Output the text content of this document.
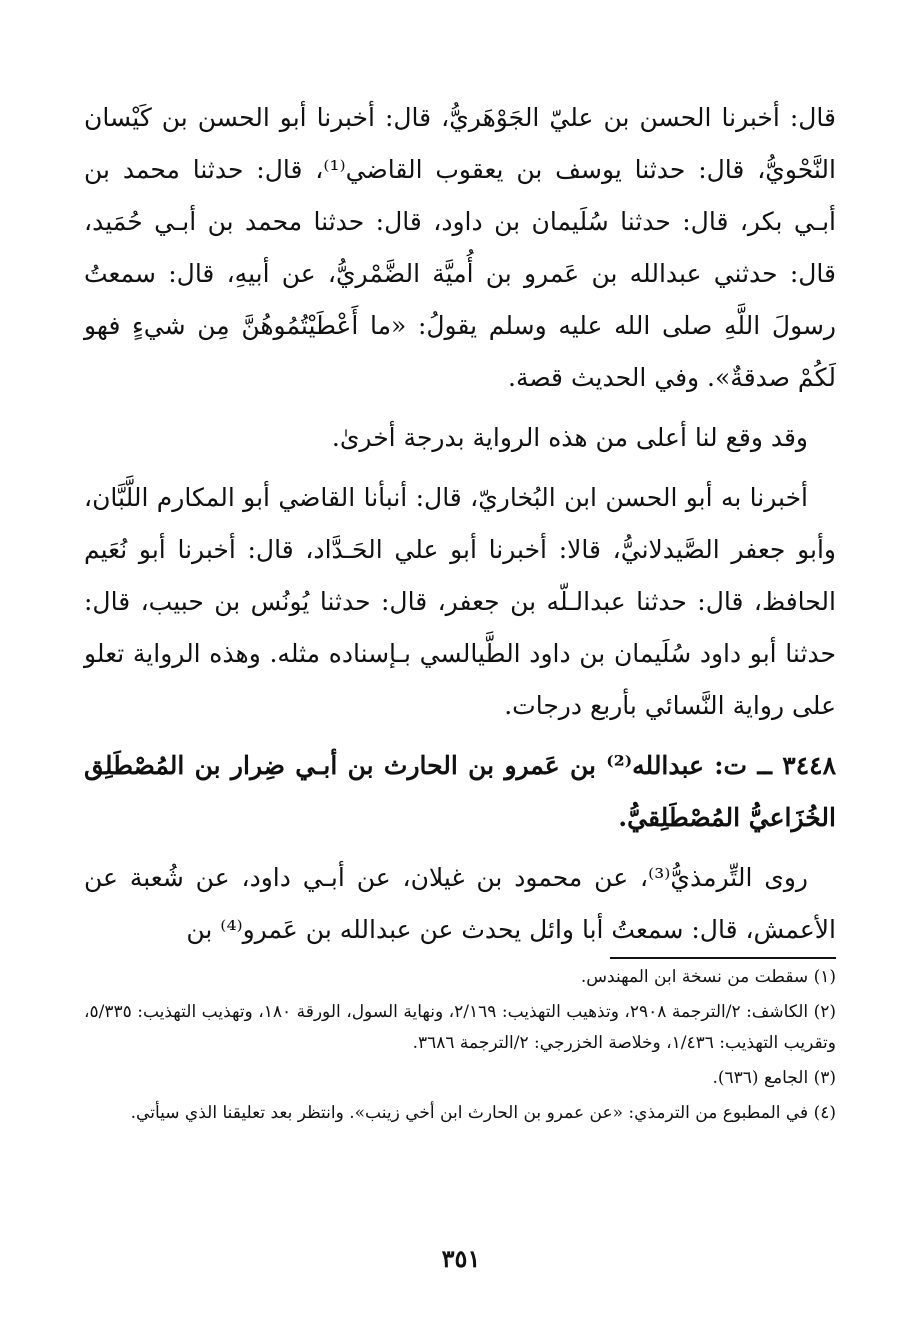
قال: أخبرنا الحسن بن عليّ الجَوْهَريُّ، قال: أخبرنا أبو الحسن بن كَيْسان النَّحْويُّ، قال: حدثنا يوسف بن يعقوب القاضي⁽¹⁾، قال: حدثنا محمد بن أبـي بكر، قال: حدثنا سُلَيمان بن داود، قال: حدثنا محمد بن أبـي حُمَيد، قال: حدثني عبدالله بن عَمرو بن أُميَّة الضَّمْريُّ، عن أبيهِ، قال: سمعتُ رسولَ اللَّهِ صلى الله عليه وسلم يقولُ: «ما أَعْطَيْتُمُوهُنَّ مِن شيءٍ فهو لَكُمْ صدقةٌ». وفي الحديث قصة.

وقد وقع لنا أعلى من هذه الرواية بدرجة أخرىٰ.

أخبرنا به أبو الحسن ابن البُخاريّ، قال: أنبأنا القاضي أبو المكارم اللَّبَّان، وأبو جعفر الصَّيدلانيُّ، قالا: أخبرنا أبو علي الحَـدَّاد، قال: أخبرنا أبو نُعَيم الحافظ، قال: حدثنا عبدالـلّه بن جعفر، قال: حدثنا يُونُس بن حبيب، قال: حدثنا أبو داود سُلَيمان بن داود الطَّيالسي بـإسناده مثله. وهذه الرواية تعلو على رواية النَّسائي بأربع درجات.

٣٤٤٨ ــ ت: عبدالله⁽²⁾ بن عَمرو بن الحارث بن أبـي ضِرار بن المُصْطَلِق الخُزَاعيُّ المُصْطَلِقيُّ.

روى التِّرمذيُّ⁽³⁾، عن محمود بن غيلان، عن أبـي داود، عن شُعبة عن الأعمش، قال: سمعتُ أبا وائل يحدث عن عبدالله بن عَمرو⁽⁴⁾ بن

(١) سقطت من نسخة ابن المهندس.

(٢) الكاشف: ٢/الترجمة ٢٩٠٨، وتذهيب التهذيب: ٢/١٦٩، ونهاية السول، الورقة ١٨٠، وتهذيب التهذيب: ٥/٣٣٥، وتقريب التهذيب: ١/٤٣٦، وخلاصة الخزرجي: ٢/الترجمة ٣٦٨٦.

(٣) الجامع (٦٣٦).

(٤) في المطبوع من الترمذي: «عن عمرو بن الحارث ابن أخي زينب». وانتظر بعد تعليقنا الذي سيأتي.

٣٥١
